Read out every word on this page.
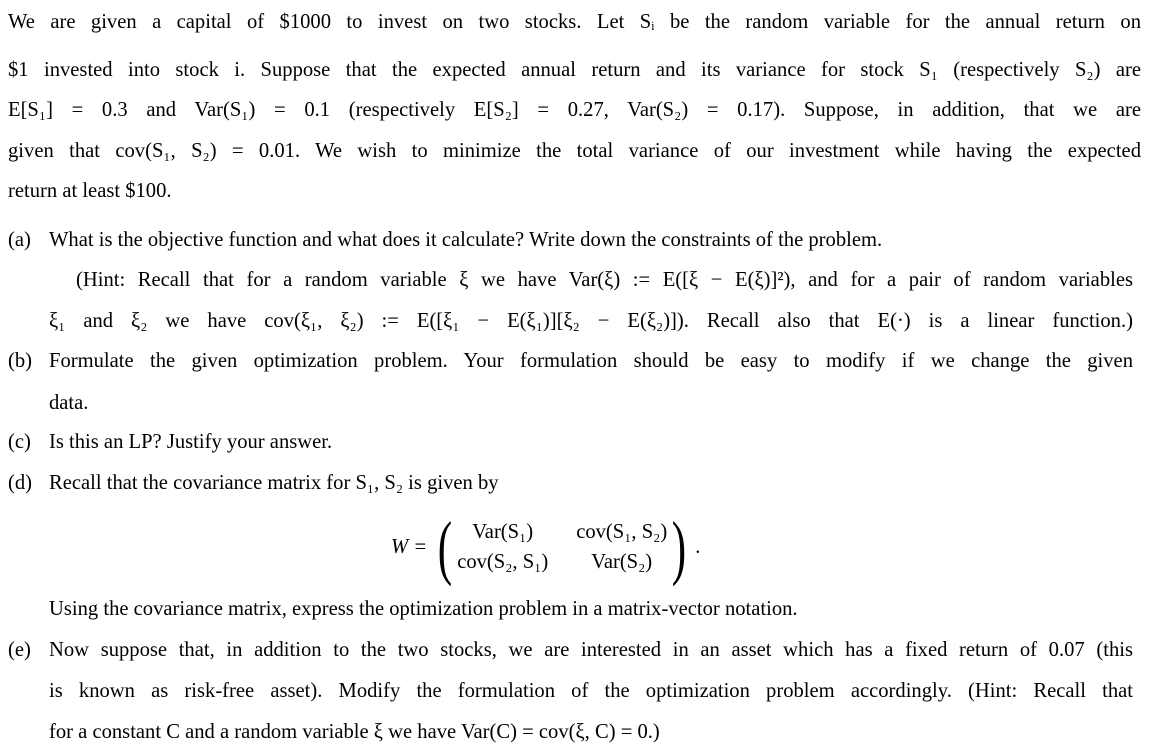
We are given a capital of $1000 to invest on two stocks. Let Sᵢ be the random variable for the annual return on
$1 invested into stock i. Suppose that the expected annual return and its variance for stock S₁ (respectively S₂) are
E[S₁] = 0.3 and Var(S₁) = 0.1 (respectively E[S₂] = 0.27, Var(S₂) = 0.17). Suppose, in addition, that we are
given that cov(S₁, S₂) = 0.01. We wish to minimize the total variance of our investment while having the expected
return at least $100.
(a) What is the objective function and what does it calculate? Write down the constraints of the problem.
(Hint: Recall that for a random variable ξ we have Var(ξ) := E([ξ − E(ξ)]²), and for a pair of random variables
ξ₁ and ξ₂ we have cov(ξ₁, ξ₂) := E([ξ₁ − E(ξ₁)][ξ₂ − E(ξ₂)]). Recall also that E(·) is a linear function.)
(b) Formulate the given optimization problem. Your formulation should be easy to modify if we change the given
data.
(c) Is this an LP? Justify your answer.
(d) Recall that the covariance matrix for S₁, S₂ is given by
W = ( Var(S₁)	cov(S₁, S₂)
cov(S₂, S₁)	Var(S₂) ) .
Using the covariance matrix, express the optimization problem in a matrix-vector notation.
(e) Now suppose that, in addition to the two stocks, we are interested in an asset which has a fixed return of 0.07 (this
is known as risk-free asset). Modify the formulation of the optimization problem accordingly. (Hint: Recall that
for a constant C and a random variable ξ we have Var(C) = cov(ξ, C) = 0.)
